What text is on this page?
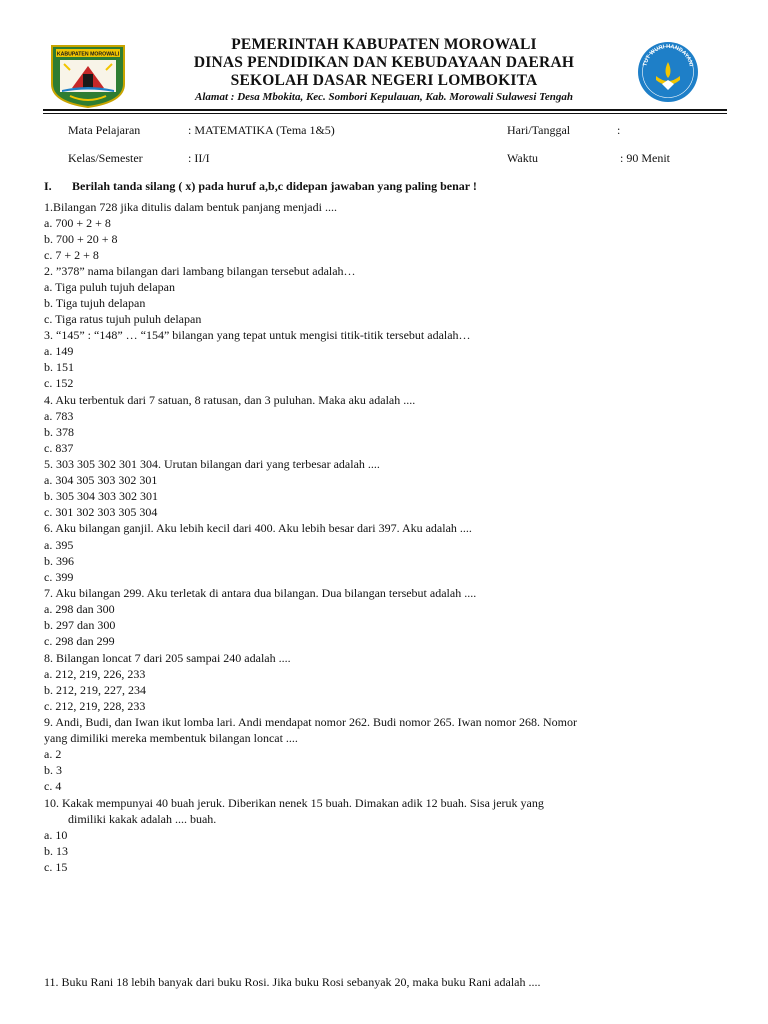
KABUPATEN MOROWALI
TUT WURI HANDAYANI
PEMERINTAH KABUPATEN MOROWALI
DINAS PENDIDIKAN DAN KEBUDAYAAN DAERAH
SEKOLAH DASAR NEGERI LOMBOKITA
Alamat : Desa Mbokita, Kec. Sombori Kepulauan, Kab. Morowali Sulawesi Tengah
Mata Pelajaran	: MATEMATIKA (Tema 1&5)	Hari/Tanggal	:
Kelas/Semester	: II/I	Waktu	: 90 Menit
I. Berilah tanda silang ( x) pada huruf a,b,c didepan jawaban yang paling benar !
1.Bilangan 728 jika ditulis dalam bentuk panjang menjadi ....
a. 700 + 2 + 8
b. 700 + 20 + 8
c. 7 + 2 + 8
2. ”378” nama bilangan dari lambang bilangan tersebut adalah…
a. Tiga puluh tujuh delapan
b. Tiga tujuh delapan
c. Tiga ratus tujuh puluh delapan
3. “145” : “148” … “154” bilangan yang tepat untuk mengisi titik-titik tersebut adalah…
a. 149
b. 151
c. 152
4. Aku terbentuk dari 7 satuan, 8 ratusan, dan 3 puluhan. Maka aku adalah ....
a. 783
b. 378
c. 837
5. 303 305 302 301 304. Urutan bilangan dari yang terbesar adalah ....
a. 304 305 303 302 301
b. 305 304 303 302 301
c. 301 302 303 305 304
6. Aku bilangan ganjil. Aku lebih kecil dari 400. Aku lebih besar dari 397. Aku adalah ....
a. 395
b. 396
c. 399
7. Aku bilangan 299. Aku terletak di antara dua bilangan. Dua bilangan tersebut adalah ....
a. 298 dan 300
b. 297 dan 300
c. 298 dan 299
8. Bilangan loncat 7 dari 205 sampai 240 adalah ....
a. 212, 219, 226, 233
b. 212, 219, 227, 234
c. 212, 219, 228, 233
9. Andi, Budi, dan Iwan ikut lomba lari. Andi mendapat nomor 262. Budi nomor 265. Iwan nomor 268. Nomor
yang dimiliki mereka membentuk bilangan loncat ....
a. 2
b. 3
c. 4
10. Kakak mempunyai 40 buah jeruk. Diberikan nenek 15 buah. Dimakan adik 12 buah. Sisa jeruk yang
dimiliki kakak adalah .... buah.
a. 10
b. 13
c. 15
11. Buku Rani 18 lebih banyak dari buku Rosi. Jika buku Rosi sebanyak 20, maka buku Rani adalah ....
